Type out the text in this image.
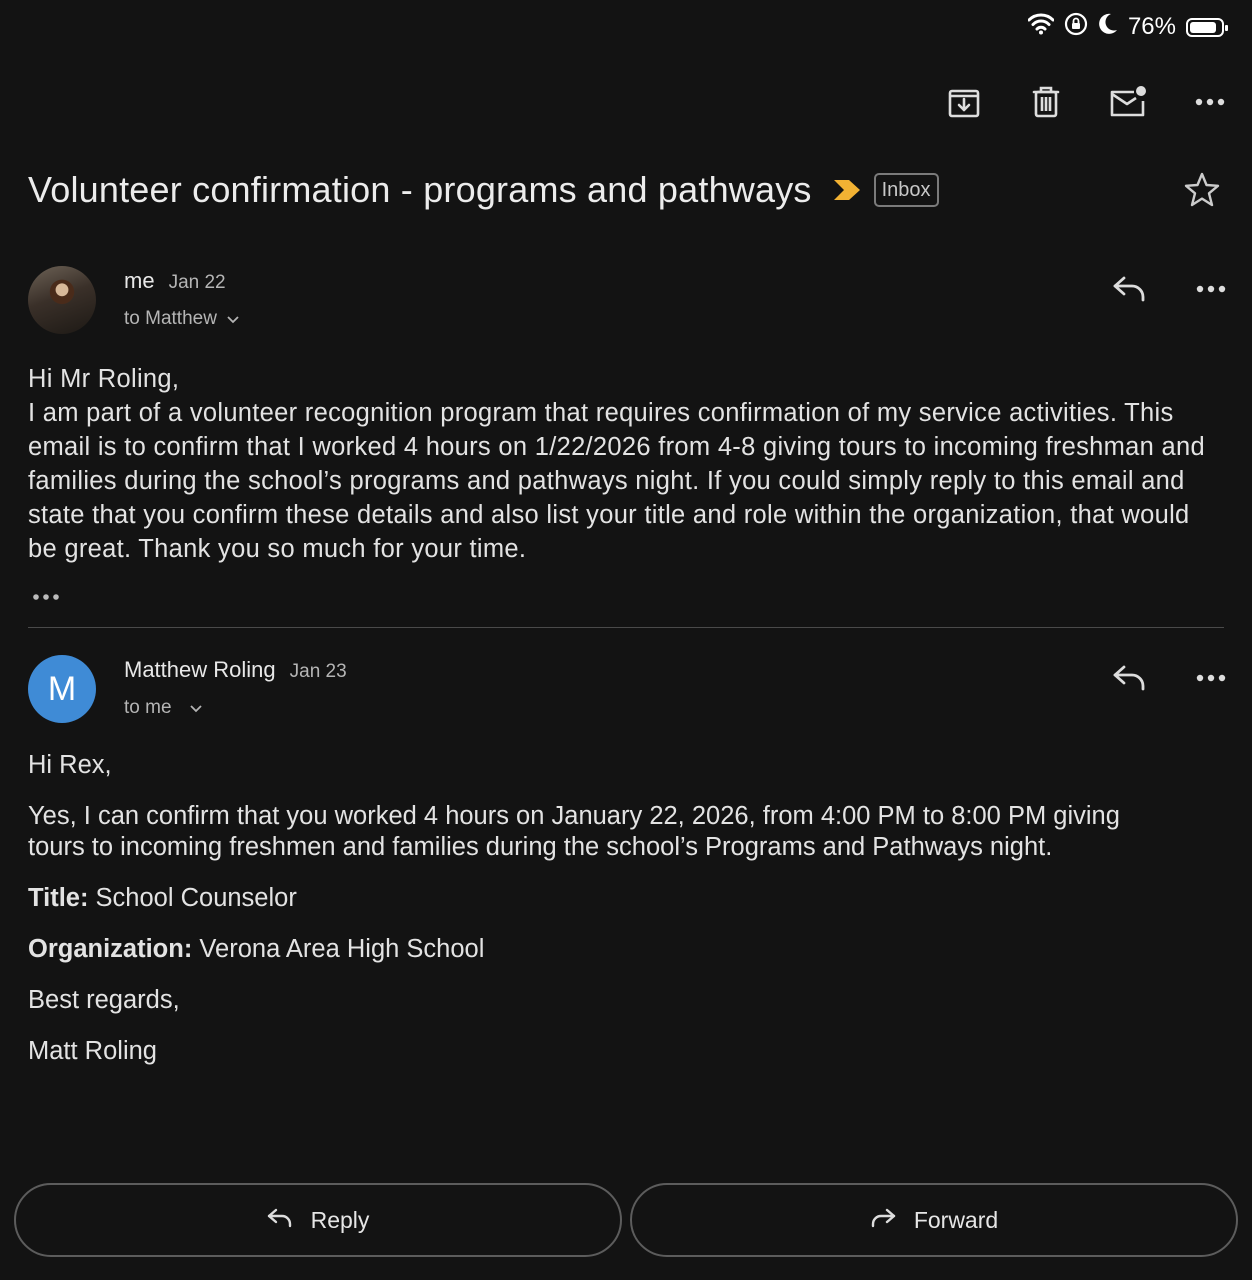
76%
Volunteer confirmation - programs and pathways	Inbox
me Jan 22
to Matthew

Hi Mr Roling,

I am part of a volunteer recognition program that requires confirmation of my service activities. This email is to confirm that I worked 4 hours on 1/22/2026 from 4-8 giving tours to incoming freshman and families during the school’s programs and pathways night. If you could simply reply to this email and state that you confirm these details and also list your title and role within the organization, that would be great. Thank you so much for your time.

M	Matthew Roling Jan 23
to me

Hi Rex,

Yes, I can confirm that you worked 4 hours on January 22, 2026, from 4:00 PM to 8:00 PM giving tours to incoming freshmen and families during the school’s Programs and Pathways night.

Title: School Counselor

Organization: Verona Area High School

Best regards,

Matt Roling

Reply	Forward
